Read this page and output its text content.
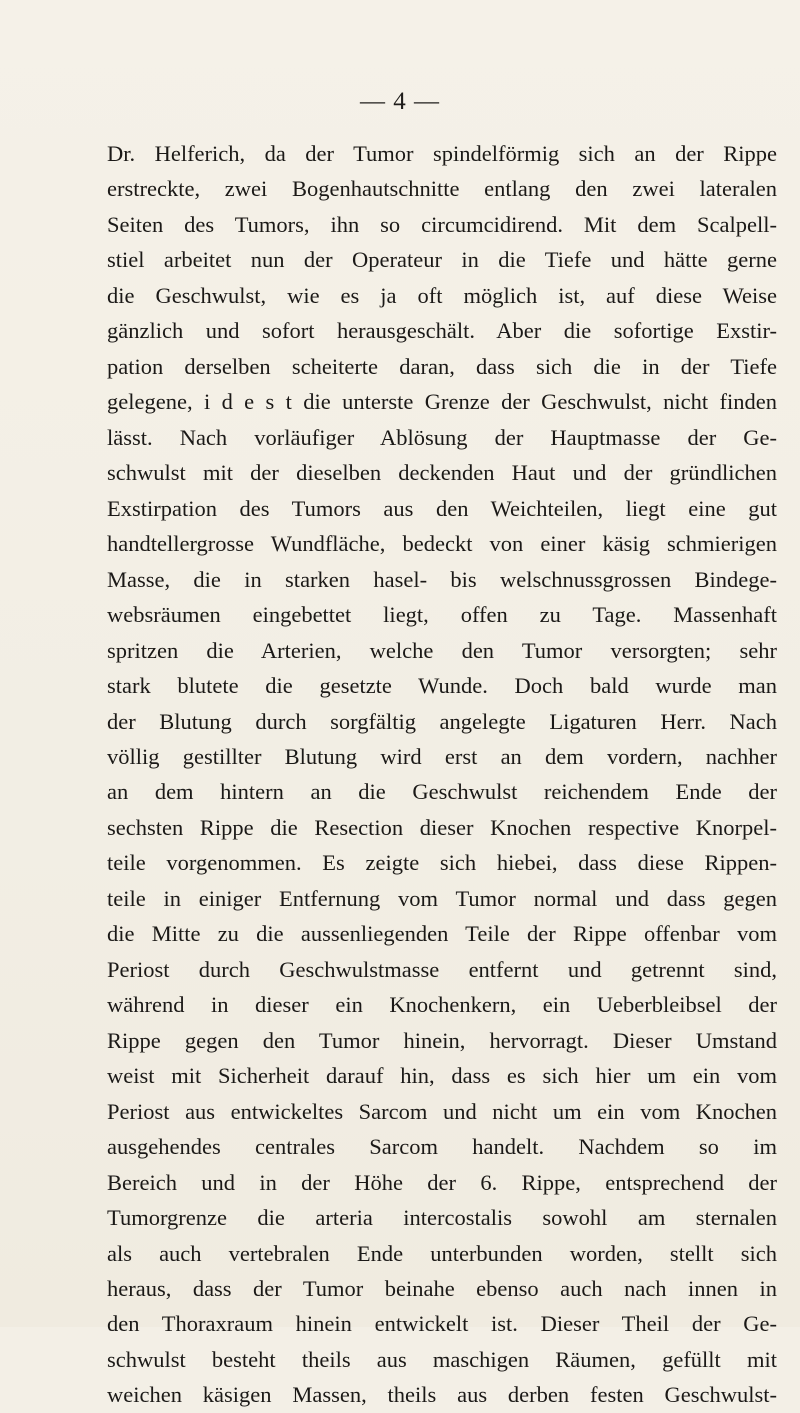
— 4 —
Dr. Helferich, da der Tumor spindelförmig sich an der Rippe
erstreckte, zwei Bogenhautschnitte entlang den zwei lateralen
Seiten des Tumors, ihn so circumcidirend. Mit dem Scalpell-
stiel arbeitet nun der Operateur in die Tiefe und hätte gerne
die Geschwulst, wie es ja oft möglich ist, auf diese Weise
gänzlich und sofort herausgeschält. Aber die sofortige Exstir-
pation derselben scheiterte daran, dass sich die in der Tiefe
gelegene, i d e s t die unterste Grenze der Geschwulst, nicht finden
lässt. Nach vorläufiger Ablösung der Hauptmasse der Ge-
schwulst mit der dieselben deckenden Haut und der gründlichen
Exstirpation des Tumors aus den Weichteilen, liegt eine gut
handtellergrosse Wundfläche, bedeckt von einer käsig schmierigen
Masse, die in starken hasel- bis welschnussgrossen Bindege-
websräumen eingebettet liegt, offen zu Tage. Massenhaft
spritzen die Arterien, welche den Tumor versorgten; sehr
stark blutete die gesetzte Wunde. Doch bald wurde man
der Blutung durch sorgfältig angelegte Ligaturen Herr. Nach
völlig gestillter Blutung wird erst an dem vordern, nachher
an dem hintern an die Geschwulst reichendem Ende der
sechsten Rippe die Resection dieser Knochen respective Knorpel-
teile vorgenommen. Es zeigte sich hiebei, dass diese Rippen-
teile in einiger Entfernung vom Tumor normal und dass gegen
die Mitte zu die aussenliegenden Teile der Rippe offenbar vom
Periost durch Geschwulstmasse entfernt und getrennt sind,
während in dieser ein Knochenkern, ein Ueberbleibsel der
Rippe gegen den Tumor hinein, hervorragt. Dieser Umstand
weist mit Sicherheit darauf hin, dass es sich hier um ein vom
Periost aus entwickeltes Sarcom und nicht um ein vom Knochen
ausgehendes centrales Sarcom handelt. Nachdem so im
Bereich und in der Höhe der 6. Rippe, entsprechend der
Tumorgrenze die arteria intercostalis sowohl am sternalen
als auch vertebralen Ende unterbunden worden, stellt sich
heraus, dass der Tumor beinahe ebenso auch nach innen in
den Thoraxraum hinein entwickelt ist. Dieser Theil der Ge-
schwulst besteht theils aus maschigen Räumen, gefüllt mit
weichen käsigen Massen, theils aus derben festen Geschwulst-
